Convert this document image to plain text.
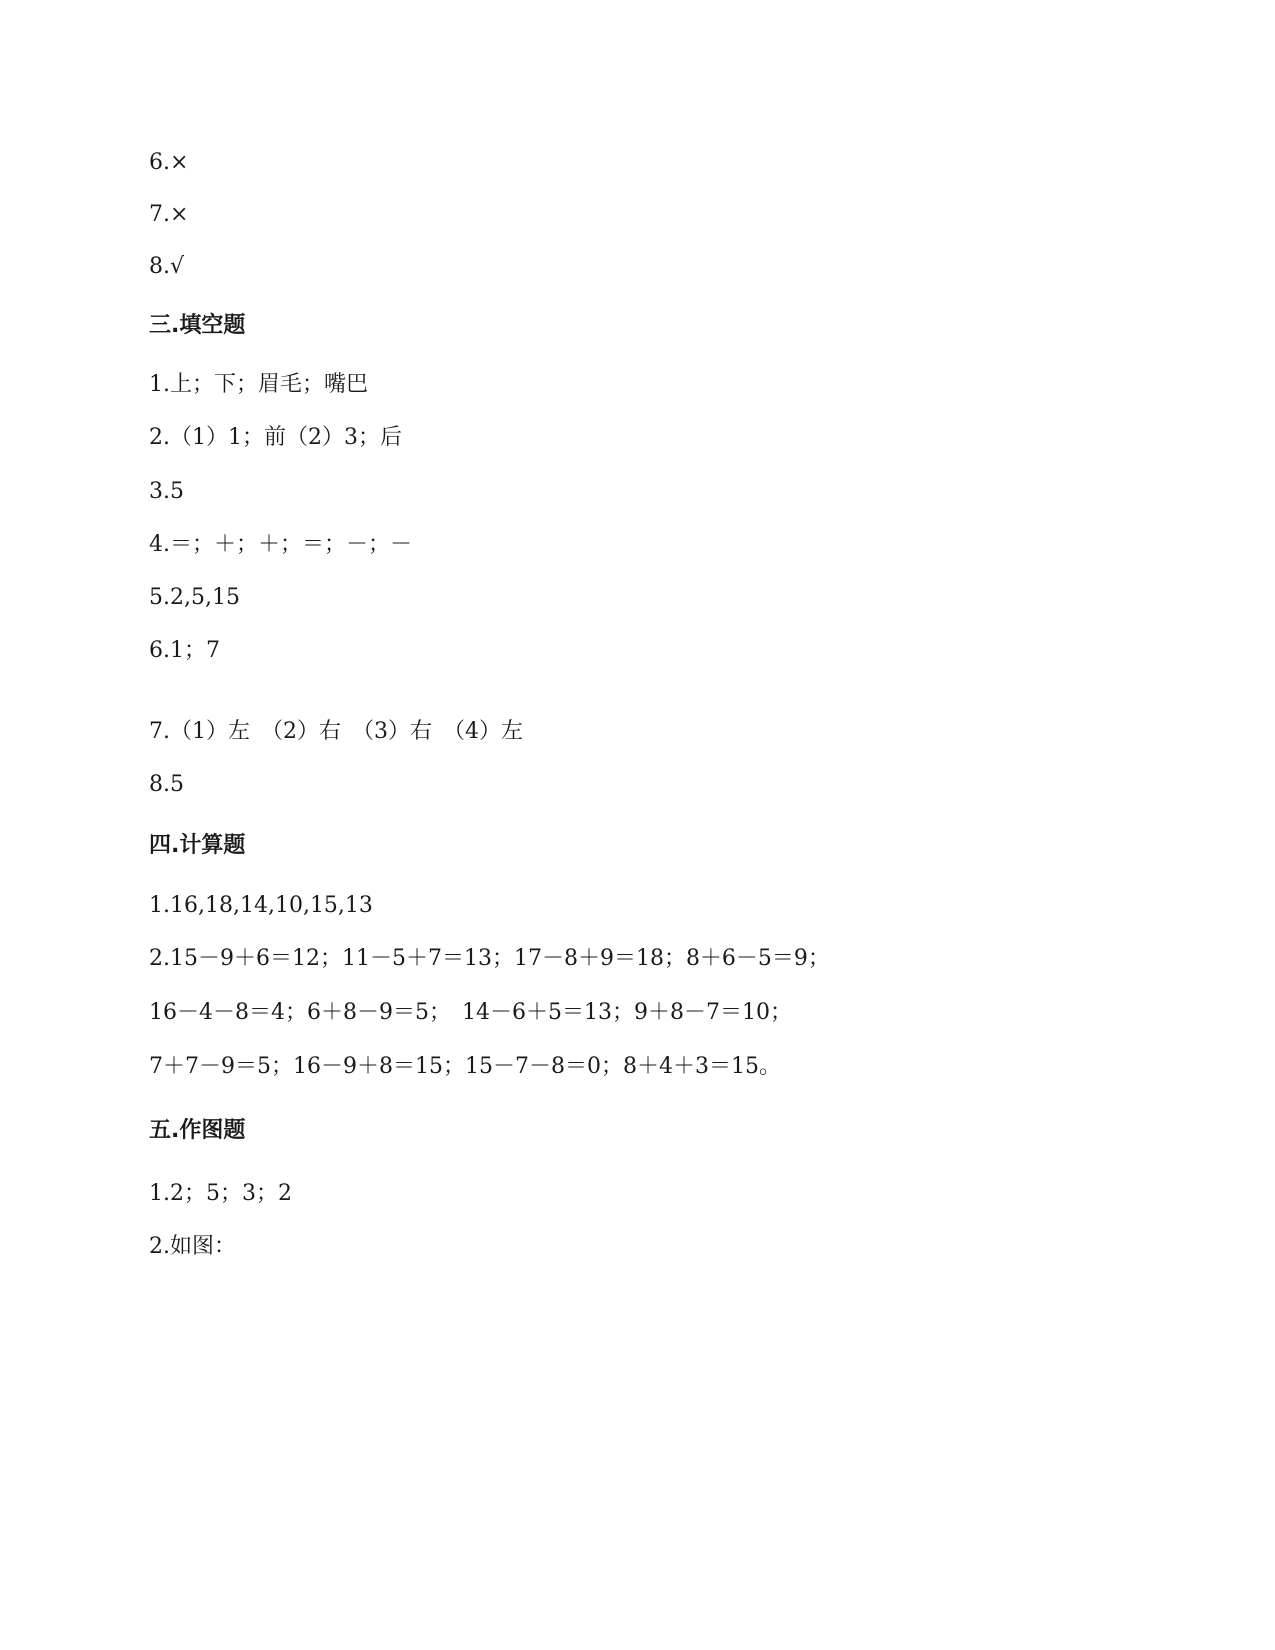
6.×
7.×
8.√
三.填空题
1.上；下；眉毛；嘴巴
2.（1）1；前（2）3；后
3.5
4.＝；＋；＋；＝；－；－
5.2,5,15
6.1；7
7.（1）左　（2）右　（3）右　（4）左
8.5
四.计算题
1.16,18,14,10,15,13
2.15－9＋6＝12；11－5＋7＝13；17－8＋9＝18；8＋6－5＝9；
16－4－8＝4；6＋8－9＝5；　14－6＋5＝13；9＋8－7＝10；
7＋7－9＝5；16－9＋8＝15；15－7－8＝0；8＋4＋3＝15。
五.作图题
1.2；5；3；2
2.如图：
